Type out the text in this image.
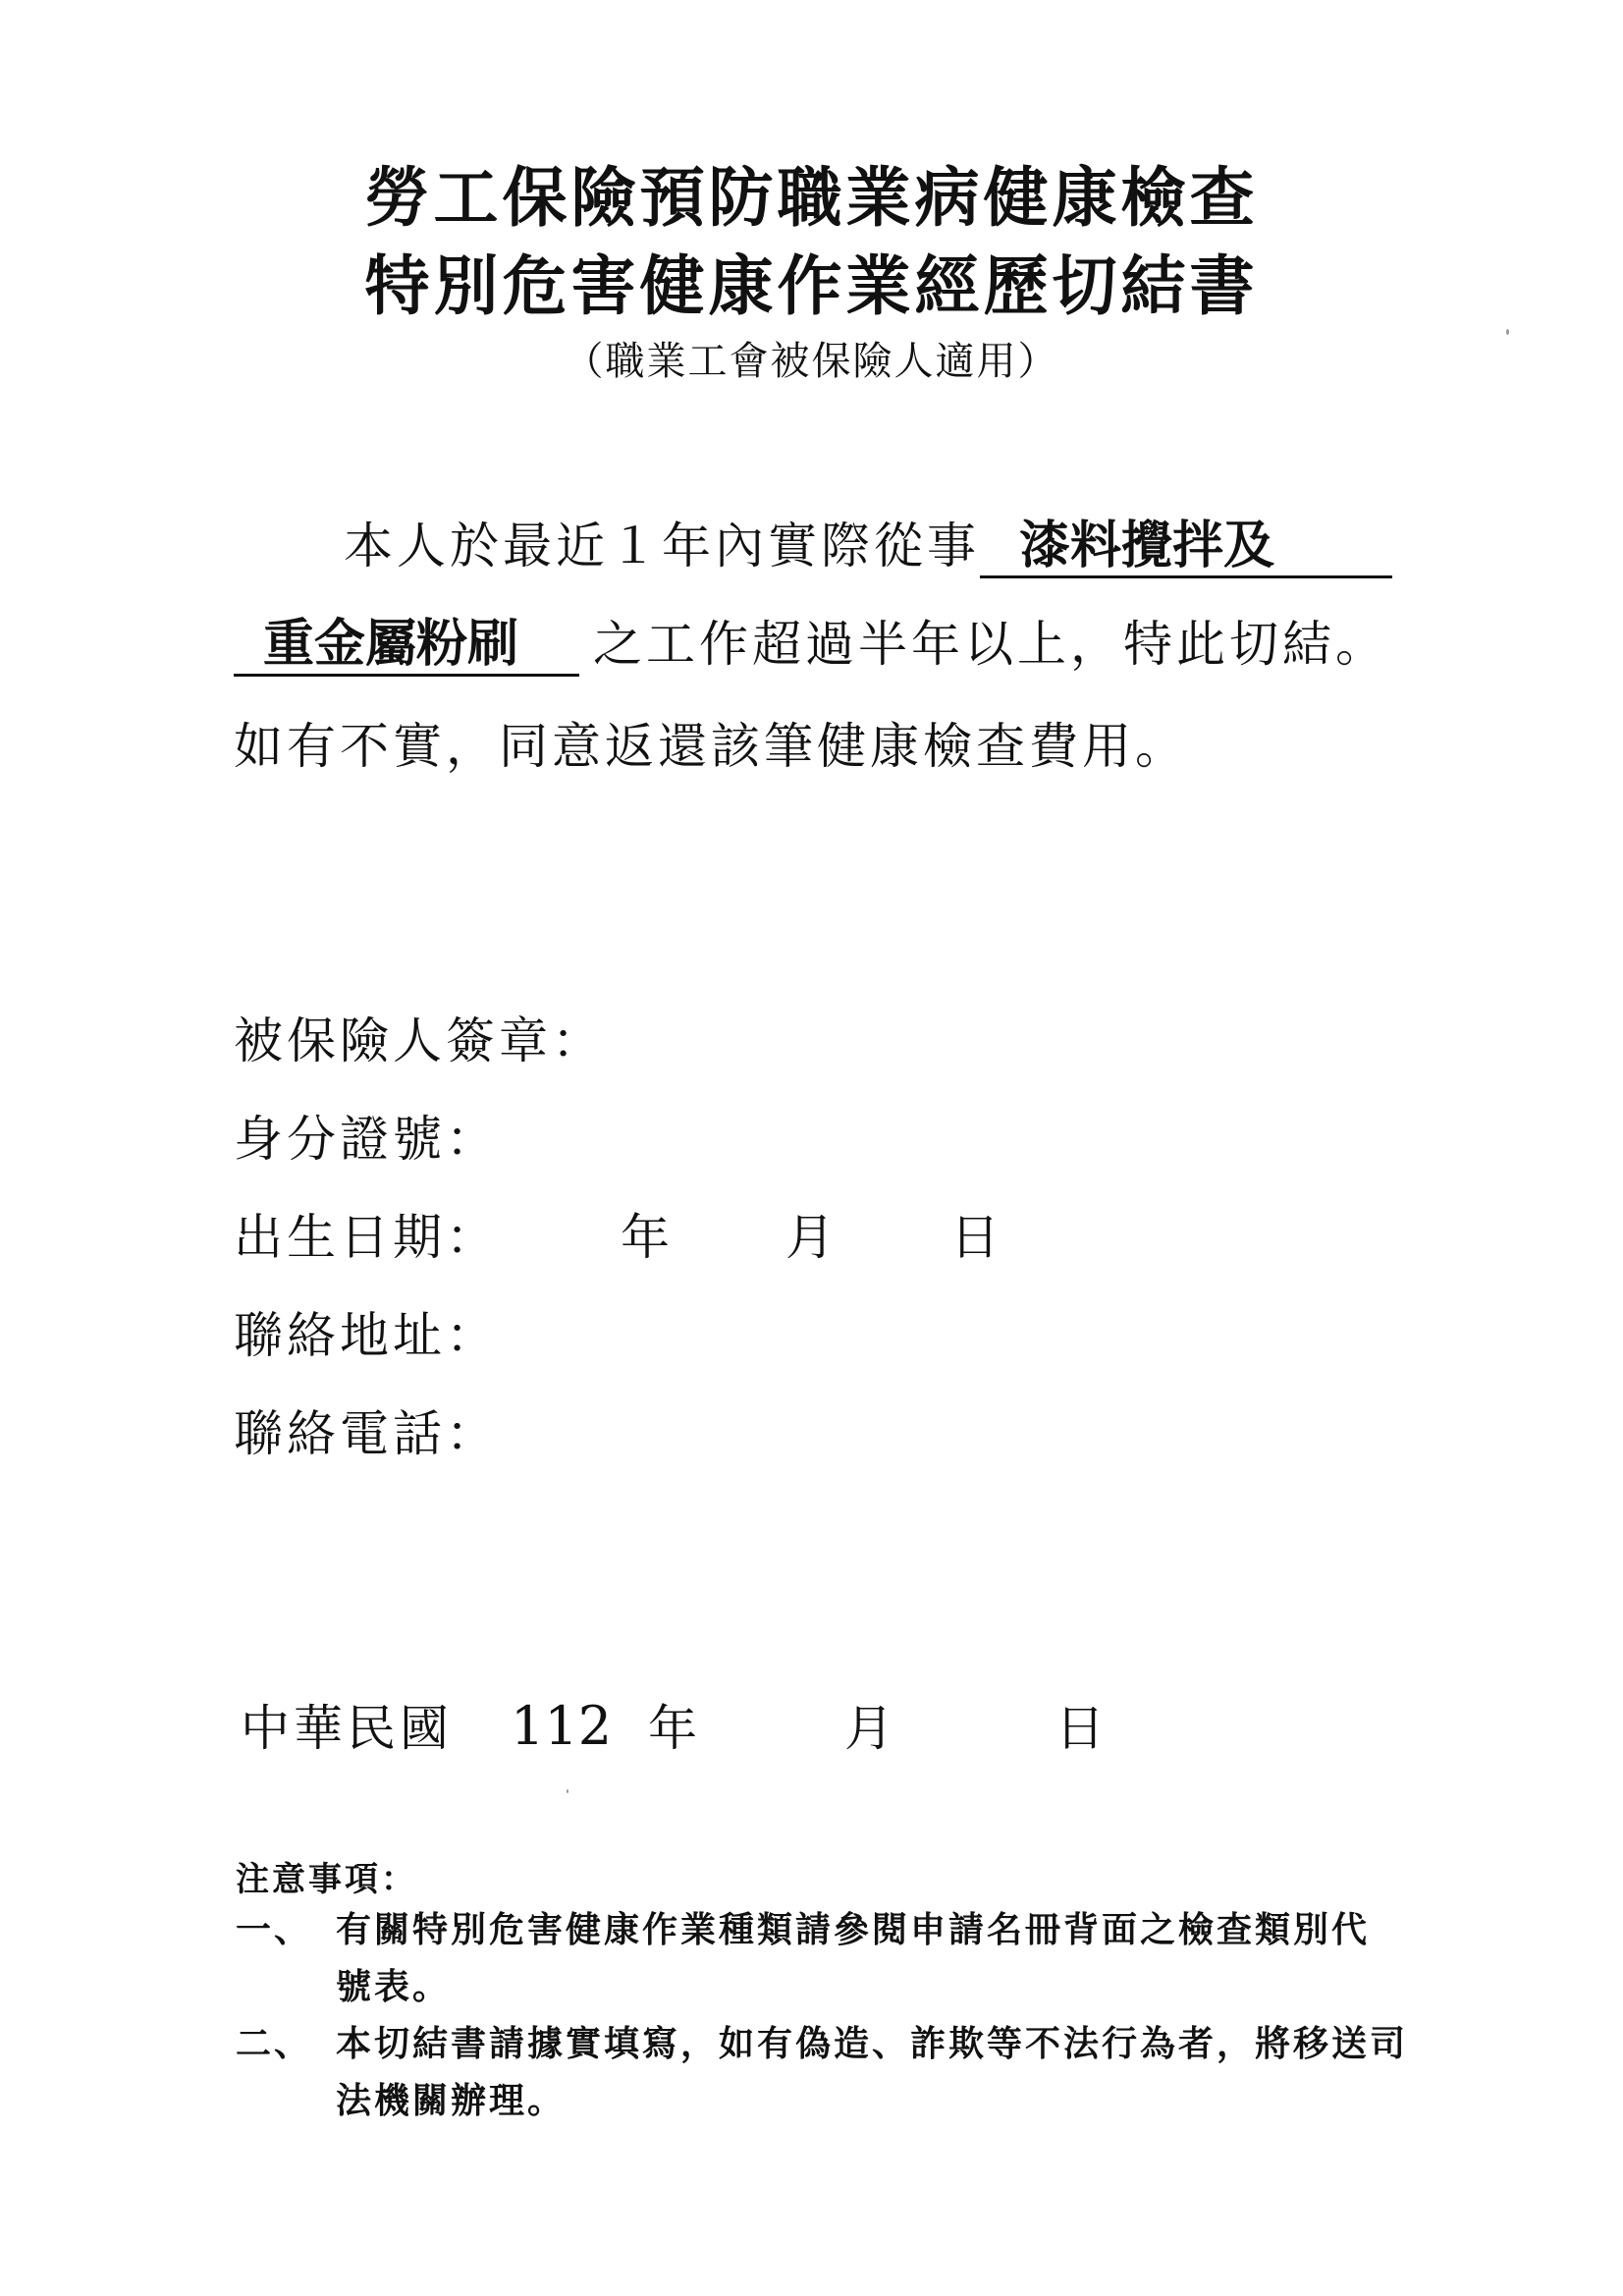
勞工保險預防職業病健康檢查
特別危害健康作業經歷切結書
（職業工會被保險人適用）
本人於最近１年內實際從事 漆料攪拌及
重金屬粉刷 之工作超過半年以上，特此切結。
如有不實，同意返還該筆健康檢查費用。
被保險人簽章：
身分證號：
出生日期： 年 月 日
聯絡地址：
聯絡電話：
中華民國 112 年	月	日
注意事項：
一、 有關特別危害健康作業種類請參閱申請名冊背面之檢查類別代
號表。
二、 本切結書請據實填寫，如有偽造、詐欺等不法行為者，將移送司
法機關辦理。
